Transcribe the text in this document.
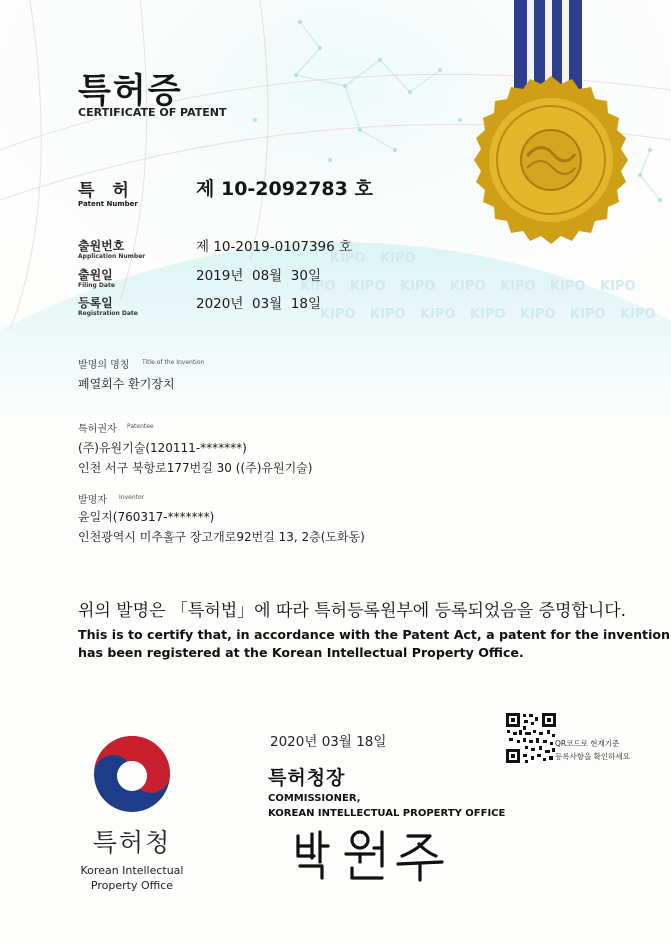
KIPO KIPO
KIPO KIPO KIPO KIPO KIPO KIPO KIPO
KIPO KIPO KIPO KIPO KIPO KIPO KIPO
특허증
CERTIFICATE OF PATENT
특 허
Patent Number
제 10-2092783 호
출원번호
Application Number
제 10-2019-0107396 호
출원일
Filing Date
2019년  08월  30일
등록일
Registration Date
2020년  03월  18일
발명의 명칭 Title of the Invention
폐열회수 환기장치
특허권자 Patentee
(주)유원기술(120111-*******)
인천 서구 북항로177번길 30 ((주)유원기술)
발명자 Inventor
윤일지(760317-*******)
인천광역시 미추홀구 장고개로92번길 13, 2층(도화동)
위의 발명은 「특허법」에 따라 특허등록원부에 등록되었음을 증명합니다.
This is to certify that, in accordance with the Patent Act, a patent for the invention
has been registered at the Korean Intellectual Property Office.
2020년 03월 18일	QR코드로 현재기준
등록사항을 확인하세요
특허청장
COMMISSIONER,
KOREAN INTELLECTUAL PROPERTY OFFICE
특허청
Korean Intellectual
Property Office
